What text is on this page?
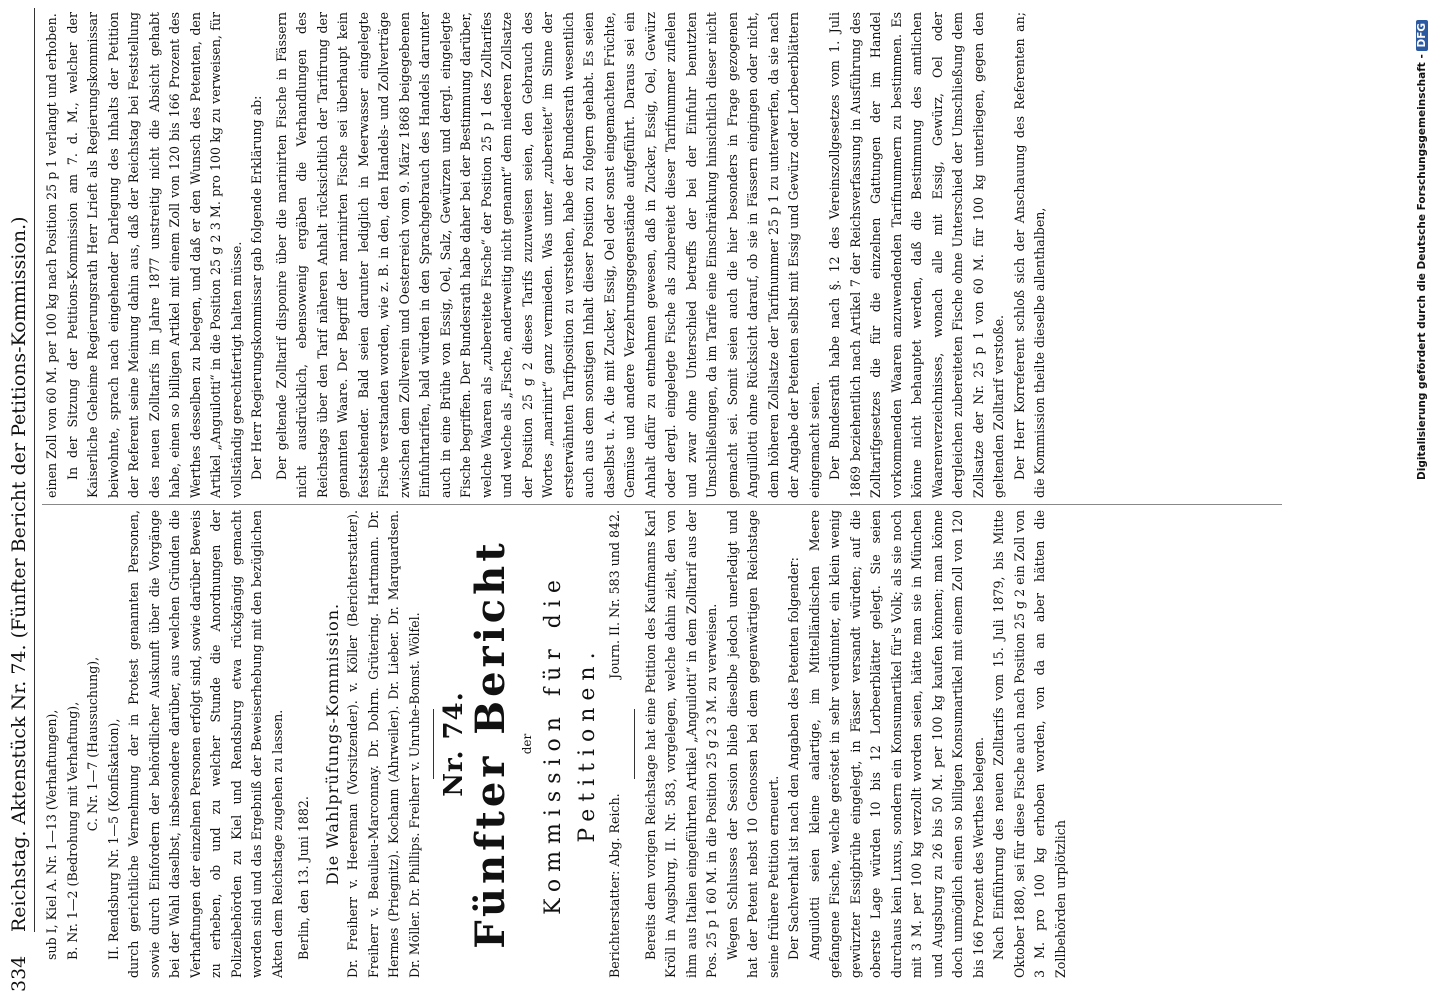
334
Reichstag. Aktenstück Nr. 74. (Fünfter Bericht der Petitions-Kommission.)	sub I, Kiel A. Nr. 1—13 (Verhaftungen), B. Nr. 1—2 (Bedrohung mit Verhaftung), C. Nr. 1—7 (Haussuchung), II. Rendsburg Nr. 1—5 (Konfiskation), durch gerichtliche Vernehmung der in Protest genannten Personen, sowie durch Einfordern der behördlicher Auskunft über die Vorgänge bei der Wahl daselbst, insbesondere darüber, aus welchen Gründen die Verhaftungen der einzelnen Personen erfolgt sind, sowie darüber Beweis zu erheben, ob und zu welcher Stunde die Anordnungen der Polizeibehörden zu Kiel und Rendsburg etwa rückgängig gemacht worden sind und das Ergebniß der Beweiserhebung mit den bezüglichen Akten dem Reichstage zugehen zu lassen. Berlin, den 13. Juni 1882. Die Wahlprüfungs-Kommission. Dr. Freiherr v. Heereman (Vorsitzender). v. Köller (Berichterstatter). Freiherr v. Beaulieu-Marconnay. Dr. Dohrn. Grütering. Hartmann. Dr. Hermes (Priegnitz). Kochann (Ahrweiler). Dr. Lieber. Dr. Marquardsen. Dr. Möller. Dr. Phillips. Freiherr v. Unruhe-Bomst. Wölfel. Nr. 74.

Fünfter Bericht der Kommission für die Petitionen.

Berichterstatter: Abg. Reich.
Journ. II. Nr. 583 und 842. Bereits dem vorigen Reichstage hat eine Petition des Kaufmanns Karl Kröll in Augsburg, II. Nr. 583, vorgelegen, welche dahin zielt, den von ihm aus Italien eingeführten Artikel „Anguilotti“ in dem Zolltarif aus der Pos. 25 p 1 60 M. in die Position 25 g 2 3 M. zu verweisen. Wegen Schlusses der Session blieb dieselbe jedoch unerledigt und hat der Petent nebst 10 Genossen bei dem gegenwärtigen Reichstage seine frühere Petition erneuert. Der Sachverhalt ist nach den Angaben des Petenten folgender: Anguilotti seien kleine aalartige, im Mittelländischen Meere gefangene Fische, welche geröstet in sehr verdünnter, ein klein wenig gewürzter Essigbrühe eingelegt, in Fässer versandt würden; auf die oberste Lage würden 10 bis 12 Lorbeerblätter gelegt. Sie seien durchaus kein Luxus, sondern ein Konsumartikel für's Volk; als sie noch mit 3 M. per 100 kg verzollt worden seien, hätte man sie in München und Augsburg zu 26 bis 50 M. per 100 kg kaufen können; man könne doch unmöglich einen so billigen Konsumartikel mit einem Zoll von 120 bis 166 Prozent des Werthes belegen. Nach Einführung des neuen Zolltarifs vom 15. Juli 1879, bis Mitte Oktober 1880, sei für diese Fische auch nach Position 25 g 2 ein Zoll von 3 M. pro 100 kg erhoben worden, von da an aber hätten die Zollbehörden urplötzlich

einen Zoll von 60 M. per 100 kg nach Position 25 p 1 verlangt und erhoben. In der Sitzung der Petitions-Kommission am 7. d. M., welcher der Kaiserliche Geheime Regierungsrath Herr Lrieft als Regierungskommissar beiwohnte, sprach nach eingehender Darlegung des Inhalts der Petition der Referent seine Meinung dahin aus, daß der Reichstag bei Feststellung des neuen Zolltarifs im Jahre 1877 unstreitig nicht die Absicht gehabt habe, einen so billigen Artikel mit einem Zoll von 120 bis 166 Prozent des Werthes desselben zu belegen, und daß er den Wunsch des Petenten, den Artikel „Anguilotti“ in die Position 25 g 2 3 M. pro 100 kg zu verweisen, für vollständig gerechtfertigt halten müsse. Der Herr Regierungskommissar gab folgende Erklärung ab: Der geltende Zolltarif disponire über die marinirten Fische in Fässern nicht ausdrücklich, ebensowenig ergäben die Verhandlungen des Reichstags über den Tarif näheren Anhalt rücksichtlich der Tarifirung der genannten Waare. Der Begriff der marinirten Fische sei überhaupt kein feststehender. Bald seien darunter lediglich in Meerwasser eingelegte Fische verstanden worden, wie z. B. in den, den Handels- und Zollverträge zwischen dem Zollverein und Oesterreich vom 9. März 1868 beigegebenen Einfuhrtarifen, bald würden in den Sprachgebrauch des Handels darunter auch in eine Brühe von Essig, Oel, Salz, Gewürzen und dergl. eingelegte Fische begriffen. Der Bundesrath habe daher bei der Bestimmung darüber, welche Waaren als „zubereitete Fische“ der Position 25 p 1 des Zolltarifes und welche als „Fische, anderweitig nicht genannt“ dem niederen Zollsatze der Position 25 g 2 dieses Tarifs zuzuweisen seien, den Gebrauch des Wortes „marinirt“ ganz vermieden. Was unter „zubereitet“ im Sinne der ersterwähnten Tarifposition zu verstehen, habe der Bundesrath wesentlich auch aus dem sonstigen Inhalt dieser Position zu folgern gehabt. Es seien daselbst u. A. die mit Zucker, Essig, Oel oder sonst eingemachten Früchte, Gemüse und andere Verzehrungsgegenstände aufgeführt. Daraus sei ein Anhalt dafür zu entnehmen gewesen, daß in Zucker, Essig, Oel, Gewürz oder dergl. eingelegte Fische als zubereitet dieser Tarifnummer zufielen und zwar ohne Unterschied betreffs der bei der Einfuhr benutzten Umschließungen, da im Tarife eine Einschränkung hinsichtlich dieser nicht gemacht sei. Somit seien auch die hier besonders in Frage gezogenen Anguillotti ohne Rücksicht darauf, ob sie in Fässern eingingen oder nicht, dem höheren Zollsatze der Tarifnummer 25 p 1 zu unterwerfen, da sie nach der Angabe der Petenten selbst mit Essig und Gewürz oder Lorbeerblättern eingemacht seien. Der Bundesrath habe nach §. 12 des Vereinszollgesetzes vom 1. Juli 1869 beziehentlich nach Artikel 7 der Reichsverfassung in Ausführung des Zolltarifgesetzes die für die einzelnen Gattungen der im Handel vorkommenden Waaren anzuwendenden Tarifnummern zu bestimmen. Es könne nicht behauptet werden, daß die Bestimmung des amtlichen Waarenverzeichnisses, wonach alle mit Essig, Gewürz, Oel oder dergleichen zubereiteten Fische ohne Unterschied der Umschließung dem Zollsatze der Nr. 25 p 1 von 60 M. für 100 kg unterliegen, gegen den geltenden Zolltarif verstoße. Der Herr Korreferent schloß sich der Anschauung des Referenten an; die Kommission theilte dieselbe allenthalben,	Digitalisierung gefördert durch die Deutsche Forschungsgemeinschaft - DFG
